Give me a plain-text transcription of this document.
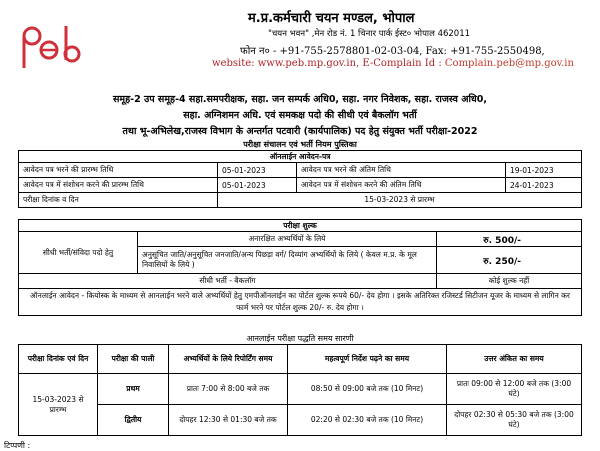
म.प्र.कर्मचारी चयन मण्डल, भोपाल
"चयन भवन" ,मेन रोड नं. 1 चिनार पार्क ईस्ट० भोपाल 462011
फोन न० - +91-755-2578801-02-03-04, Fax: +91-755-2550498,
website: www.peb.mp.gov.in, E-Complain Id : Complain.peb@mp.gov.in
समूह-2 उप समूह-4 सहा.समपरीक्षक, सहा. जन सम्पर्क अधि0, सहा. नगर निवेशक, सहा. राजस्व अधि0,
सहा. अग्निशमन अधि. एवं समकक्ष पदो की सीधी एवं बैकलॉग भर्ती
तथा भू-अभिलेख,राजस्व विभाग के अन्तर्गत पटवारी (कार्यपालिक) पद हेतु संयुक्त भर्ती परीक्षा-2022
परीक्षा संचालन एवं भर्ती नियम पुस्तिका
ऑनलाईन आवेदन-पत्र			
आवेदन पत्र भरने की प्रारम्भ तिथि	05-01-2023	आवेदन पत्र भरने की अंतिम तिथि	19-01-2023
आवेदन पत्र में संशोधन करने की प्रारम्भ तिथि	05-01-2023	आवेदन पत्र में संशोधन करने की अंतिम तिथि	24-01-2023
परीक्षा दिनांक व दिन	15-03-2023 से प्रारम्भ		
परीक्षा शुल्क		
सीधी भर्ती/संविदा पदो हेतु	अनारक्षित अभ्यर्थियों के लिये	रु. 500/-
	अनुसूचित जाति/अनुसूचित जनजाति/अन्य पिछड़ा वर्ग/ दिव्यांग अभ्यर्थियों के लिये ( केवल म.प्र. के मूल निवासियों के लिये )	रु. 250/-
सीधी भर्ती - बैकलॉग		कोई शुल्क नहीं
ऑनलाईन आवेदन - कियोस्क के माध्यम से आनलाईन भरने वाले अभ्यर्थियों हेतु एमपीऑनलाईन का पोर्टल शुल्क रूपये 60/- देय होगा । इसके अतिरिक्त रजिस्टर्ड सिटीजन यूजर के माध्यम से लागिन कर फार्म भरने पर पोर्टल शुल्क 20/- रु. देय होगा ।		
आनलाईन परीक्षा पद्धति समय सारणी
परीक्षा दिनांक एवं दिन	परीक्षा की पाली	अभ्यर्थियों के लिये रिपोर्टिंग समय	महत्वपूर्ण निर्देश पढ़ने का समय	उत्तर अंकित का समय
15-03-2023 से प्रारम्भ	प्रथम	प्रातः 7:00 से 8:00 बजे तक	08:50 से 09:00 बजे तक (10 मिनट)	प्रातः 09:00 से 12:00 बजे तक (3:00 घंटे)
	द्वितीय	दोपहर 12:30 से 01:30 बजे तक	02:20 से 02:30 बजे तक (10 मिनट)	दोपहर 02:30 से 05:30 बजे तक (3:00 घंटे)
टिप्पणी :
